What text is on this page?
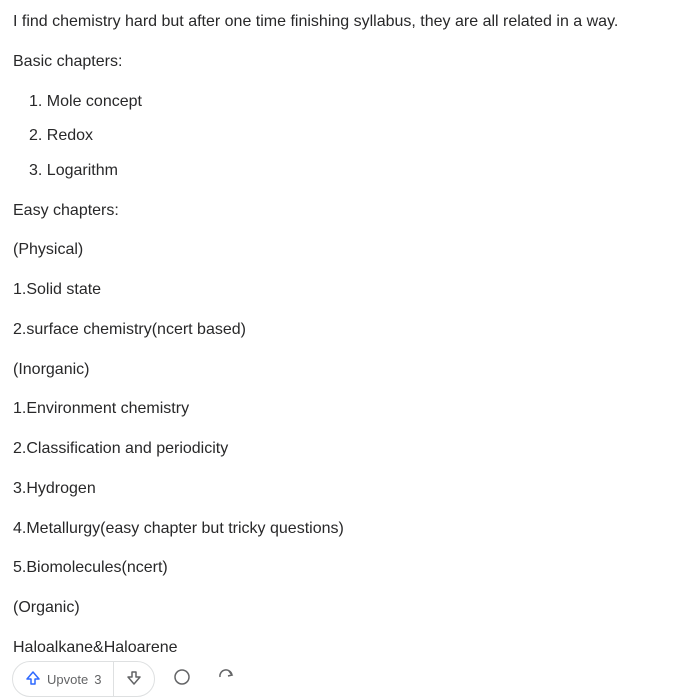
I find chemistry hard but after one time finishing syllabus, they are all related in a way.
Basic chapters:
1. Mole concept
2. Redox
3. Logarithm
Easy chapters:
(Physical)
1.Solid state
2.surface chemistry(ncert based)
(Inorganic)
1.Environment chemistry
2.Classification and periodicity
3.Hydrogen
4.Metallurgy(easy chapter but tricky questions)
5.Biomolecules(ncert)
(Organic)
Haloalkane&Haloarene
Upvote 3
